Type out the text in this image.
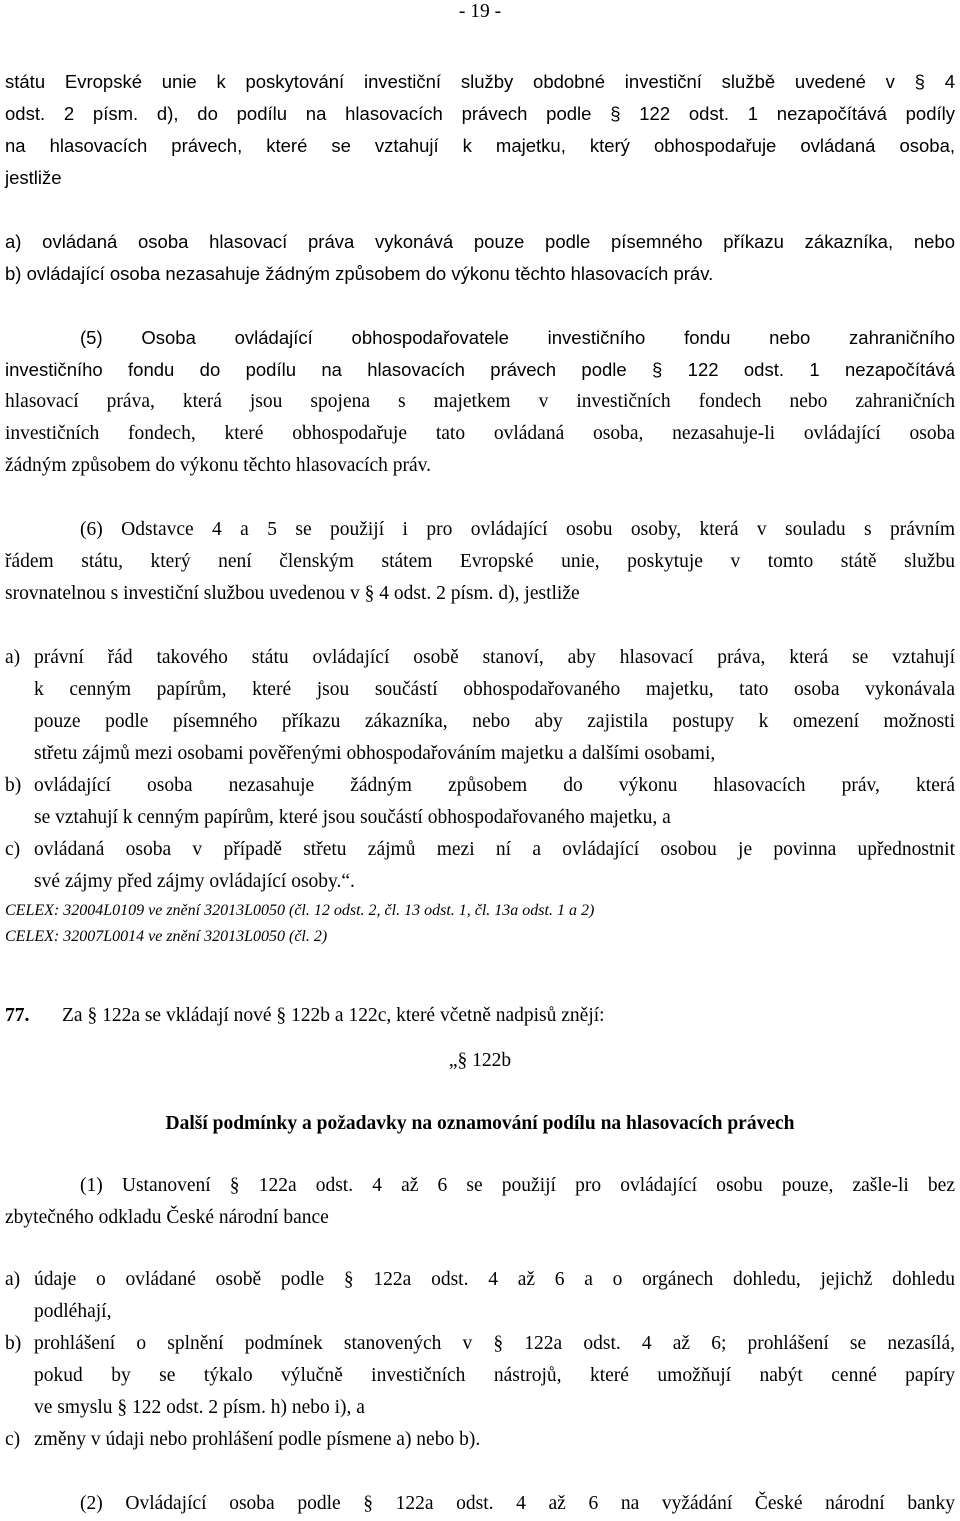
- 19 -
státu Evropské unie k poskytování investiční služby obdobné investiční službě uvedené v § 4
odst. 2 písm. d), do podílu na hlasovacích právech podle § 122 odst. 1 nezapočítává podíly
na hlasovacích právech, které se vztahují k majetku, který obhospodařuje ovládaná osoba,
jestliže
a) ovládaná osoba hlasovací práva vykonává pouze podle písemného příkazu zákazníka, nebo
b) ovládající osoba nezasahuje žádným způsobem do výkonu těchto hlasovacích práv.
(5) Osoba ovládající obhospodařovatele investičního fondu nebo zahraničního
investičního fondu do podílu na hlasovacích právech podle § 122 odst. 1 nezapočítává
hlasovací práva, která jsou spojena s majetkem v investičních fondech nebo zahraničních
investičních fondech, které obhospodařuje tato ovládaná osoba, nezasahuje-li ovládající osoba
žádným způsobem do výkonu těchto hlasovacích práv.
(6) Odstavce 4 a 5 se použijí i pro ovládající osobu osoby, která v souladu s právním
řádem státu, který není členským státem Evropské unie, poskytuje v tomto státě službu
srovnatelnou s investiční službou uvedenou v § 4 odst. 2 písm. d), jestliže
a) právní řád takového státu ovládající osobě stanoví, aby hlasovací práva, která se vztahují
k cenným papírům, které jsou součástí obhospodařovaného majetku, tato osoba vykonávala
pouze podle písemného příkazu zákazníka, nebo aby zajistila postupy k omezení možnosti
střetu zájmů mezi osobami pověřenými obhospodařováním majetku a dalšími osobami,
b) ovládající osoba nezasahuje žádným způsobem do výkonu hlasovacích práv, která
se vztahují k cenným papírům, které jsou součástí obhospodařovaného majetku, a
c) ovládaná osoba v případě střetu zájmů mezi ní a ovládající osobou je povinna upřednostnit
své zájmy před zájmy ovládající osoby.“.
CELEX: 32004L0109 ve znění 32013L0050 (čl. 12 odst. 2, čl. 13 odst. 1, čl. 13a odst. 1 a 2)
CELEX: 32007L0014 ve znění 32013L0050 (čl. 2)
77. Za § 122a se vkládají nové § 122b a 122c, které včetně nadpisů znějí:
„§ 122b
Další podmínky a požadavky na oznamování podílu na hlasovacích právech
(1) Ustanovení § 122a odst. 4 až 6 se použijí pro ovládající osobu pouze, zašle-li bez
zbytečného odkladu České národní bance
a) údaje o ovládané osobě podle § 122a odst. 4 až 6 a o orgánech dohledu, jejichž dohledu
podléhají,
b) prohlášení o splnění podmínek stanovených v § 122a odst. 4 až 6; prohlášení se nezasílá,
pokud by se týkalo výlučně investičních nástrojů, které umožňují nabýt cenné papíry
ve smyslu § 122 odst. 2 písm. h) nebo i), a
c) změny v údaji nebo prohlášení podle písmene a) nebo b).
(2) Ovládající osoba podle § 122a odst. 4 až 6 na vyžádání České národní banky
